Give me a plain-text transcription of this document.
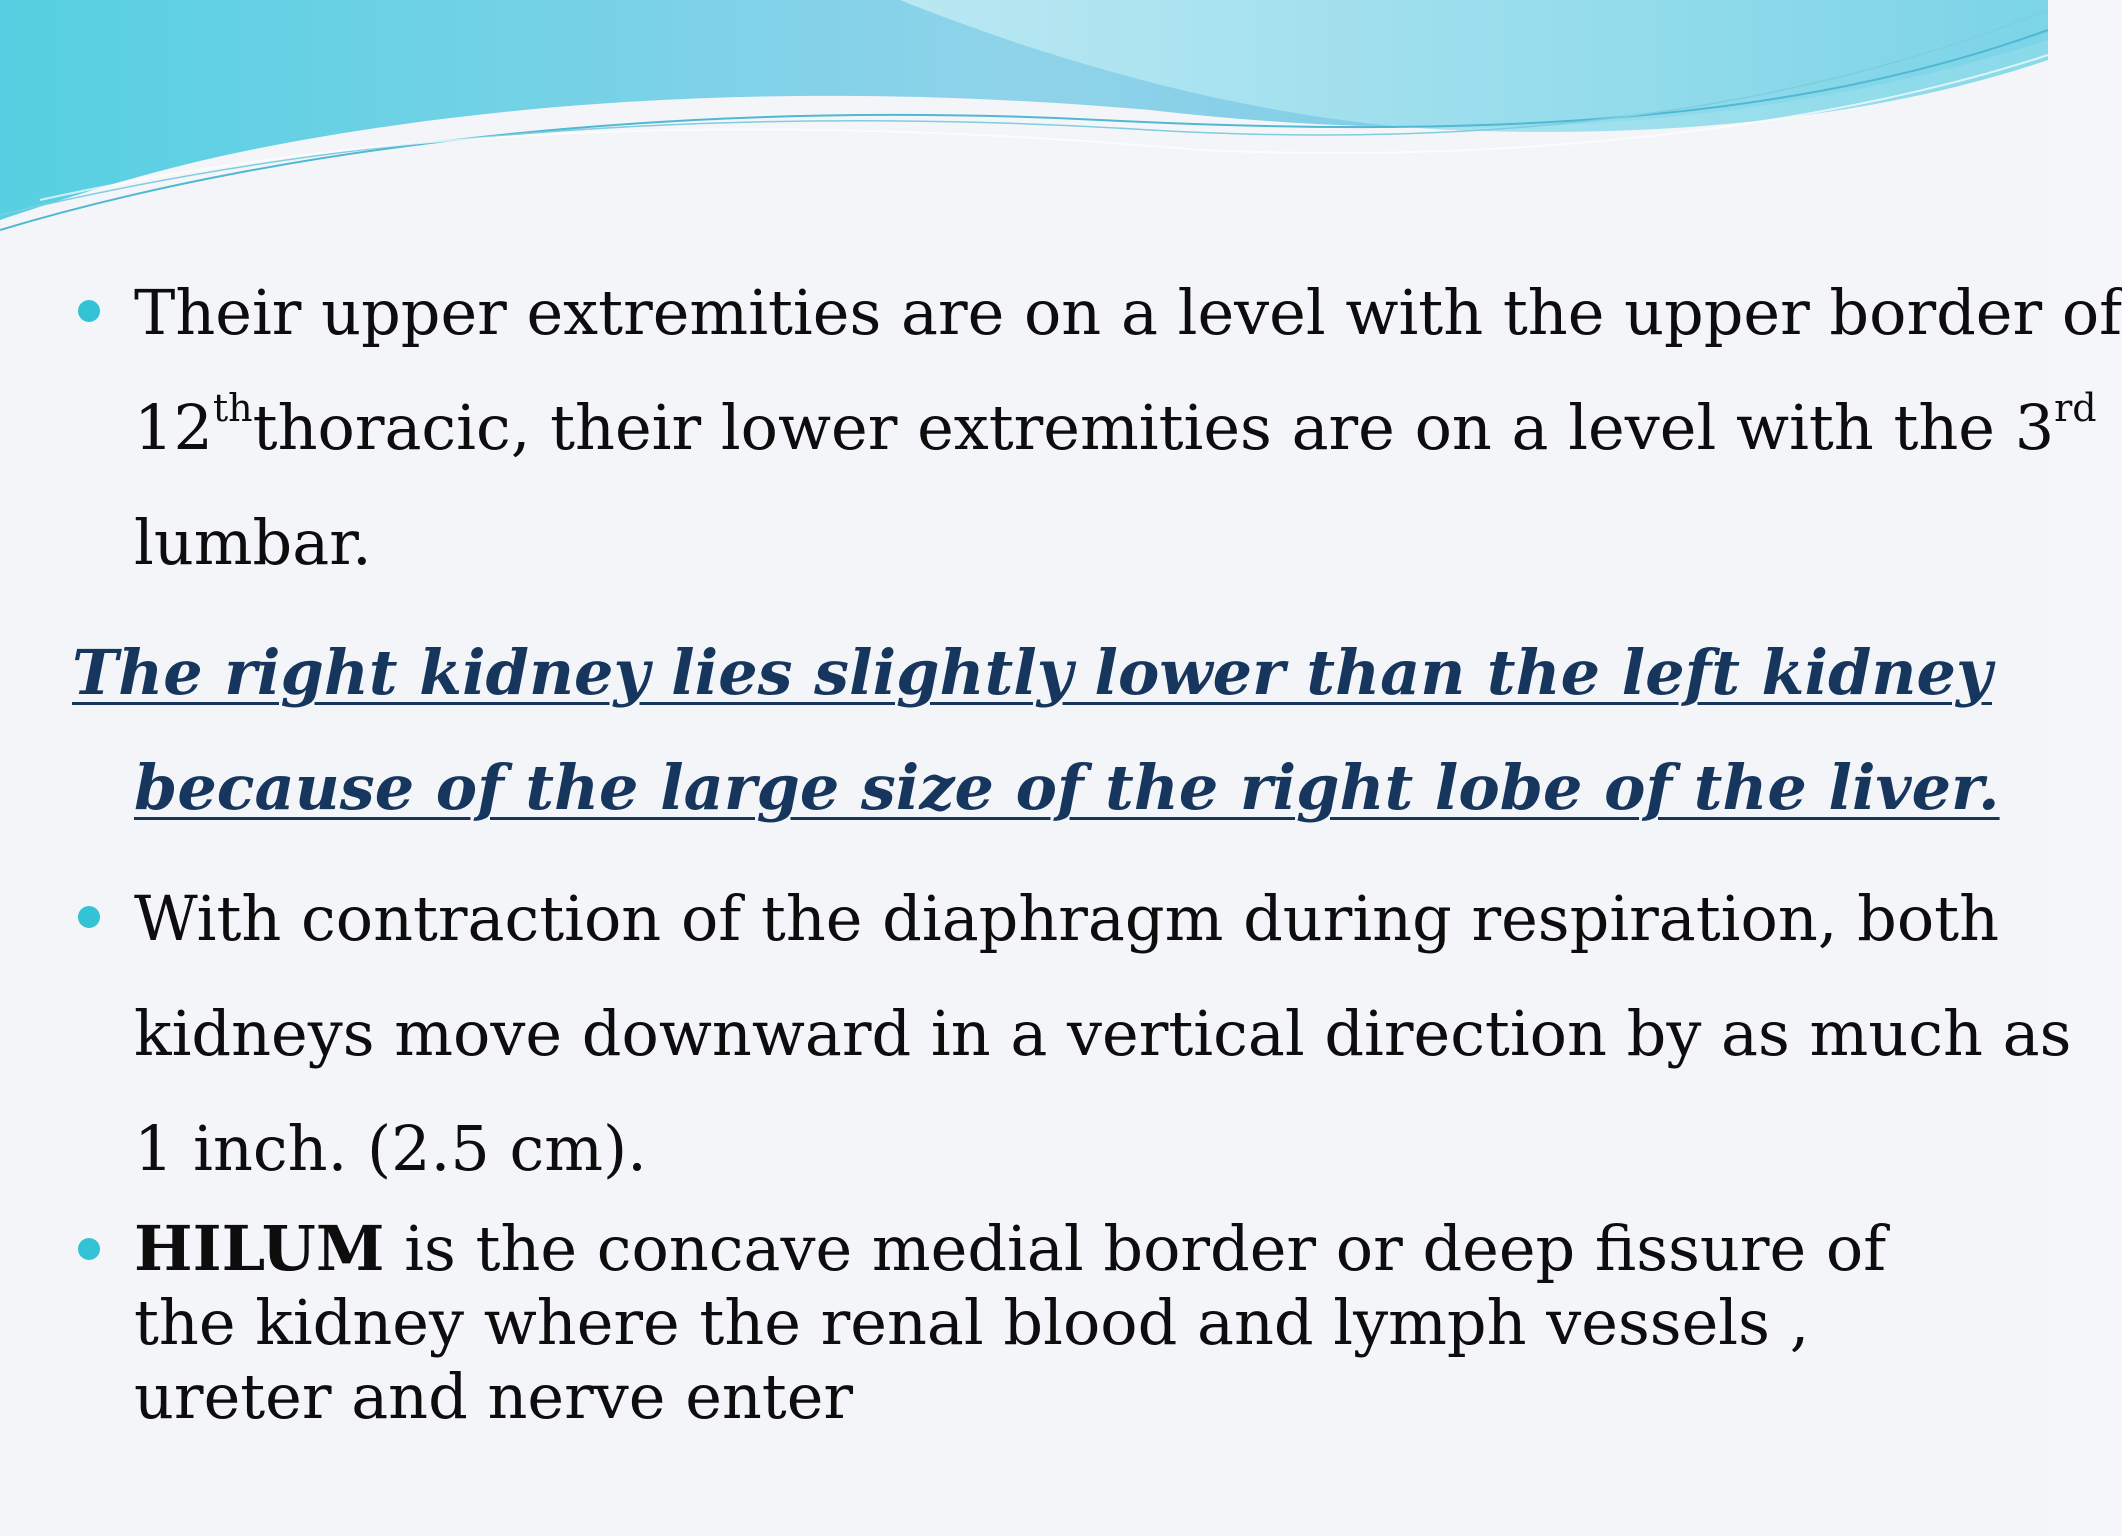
Their upper extremities are on a level with the upper border of
12ththoracic, their lower extremities are on a level with the 3rd
lumbar.
The right kidney lies slightly lower than the left kidney
because of the large size of the right lobe of the liver.
With contraction of the diaphragm during respiration, both
kidneys move downward in a vertical direction by as much as
1 inch. (2.5 cm).
HILUM is the concave medial border or deep fissure of the kidney where the renal blood and lymph vessels , ureter and nerve enter
